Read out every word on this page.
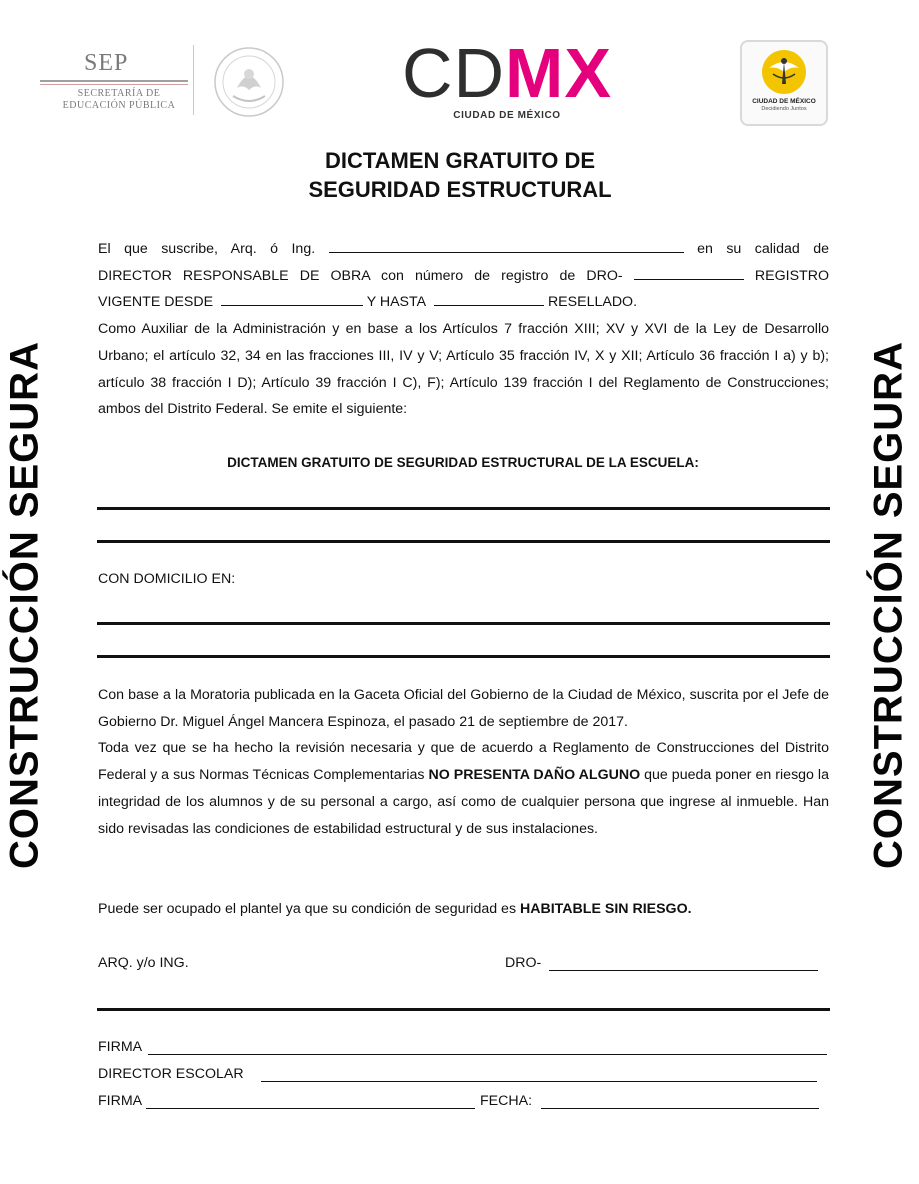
SEP
SECRETARÍA DE
EDUCACIÓN PÚBLICA	CDMX
CIUDAD DE MÉXICO
CIUDAD DE MÉXICO
Decidiendo Juntos
CONSTRUCCIÓN SEGURA	CONSTRUCCIÓN SEGURA
DICTAMEN GRATUITO DE
SEGURIDAD ESTRUCTURAL
El que suscribe, Arq. ó Ing.	en su calidad de
DIRECTOR RESPONSABLE DE OBRA con número de registro de DRO-	REGISTRO
VIGENTE DESDE	Y HASTA	RESELLADO.
Como Auxiliar de la Administración y en base a los Artículos 7 fracción XIII; XV y XVI de la Ley de Desarrollo Urbano; el artículo 32, 34 en las fracciones III, IV y V; Artículo 35 fracción IV, X y XII; Artículo 36 fracción I a) y b); artículo 38 fracción I D); Artículo 39 fracción I C), F); Artículo 139 fracción I del Reglamento de Construcciones; ambos del Distrito Federal. Se emite el siguiente:
DICTAMEN GRATUITO DE SEGURIDAD ESTRUCTURAL DE LA ESCUELA:
CON DOMICILIO EN:
Con base a la Moratoria publicada en la Gaceta Oficial del Gobierno de la Ciudad de México, suscrita por el Jefe de Gobierno Dr. Miguel Ángel Mancera Espinoza, el pasado 21 de septiembre de 2017.
Toda vez que se ha hecho la revisión necesaria y que de acuerdo a Reglamento de Construcciones del Distrito Federal y a sus Normas Técnicas Complementarias NO PRESENTA DAÑO ALGUNO que pueda poner en riesgo la integridad de los alumnos y de su personal a cargo, así como de cualquier persona que ingrese al inmueble. Han sido revisadas las condiciones de estabilidad estructural y de sus instalaciones.
Puede ser ocupado el plantel ya que su condición de seguridad es HABITABLE SIN RIESGO.
ARQ. y/o ING.	DRO-
FIRMA
DIRECTOR ESCOLAR
FIRMA	FECHA:
